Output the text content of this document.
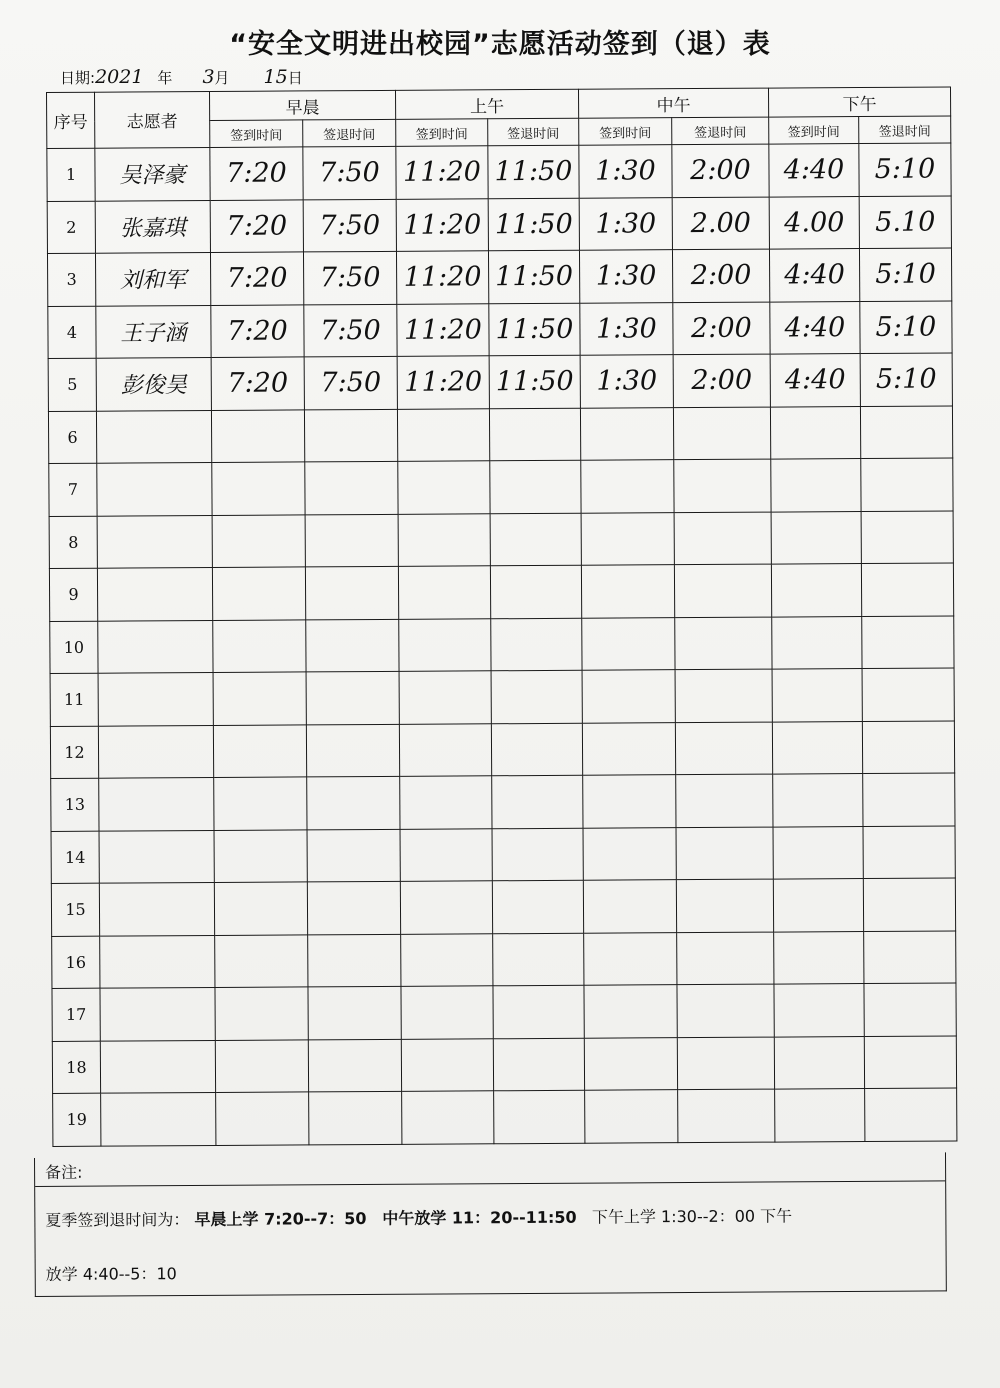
“安全文明进出校园”志愿活动签到（退）表
日期: 2021 年 3 月 15 日
序号	志愿者	早晨		上午		中午		下午	
		签到时间	签退时间	签到时间	签退时间	签到时间	签退时间	签到时间	签退时间
1	吴泽豪	7:20	7:50	11:20	11:50	1:30	2:00	4:40	5:10
2	张嘉琪	7:20	7:50	11:20	11:50	1:30	2.00	4.00	5.10
3	刘和军	7:20	7:50	11:20	11:50	1:30	2:00	4:40	5:10
4	王子涵	7:20	7:50	11:20	11:50	1:30	2:00	4:40	5:10
5	彭俊昊	7:20	7:50	11:20	11:50	1:30	2:00	4:40	5:10
6									
7									
8									
9									
10									
11									
12									
13									
14									
15									
16									
17									
18									
19									
备注:
夏季签到退时间为： 早晨上学 7:20--7：50 中午放学 11：20--11:50 下午上学 1:30--2：00 下午
放学 4:40--5：10
